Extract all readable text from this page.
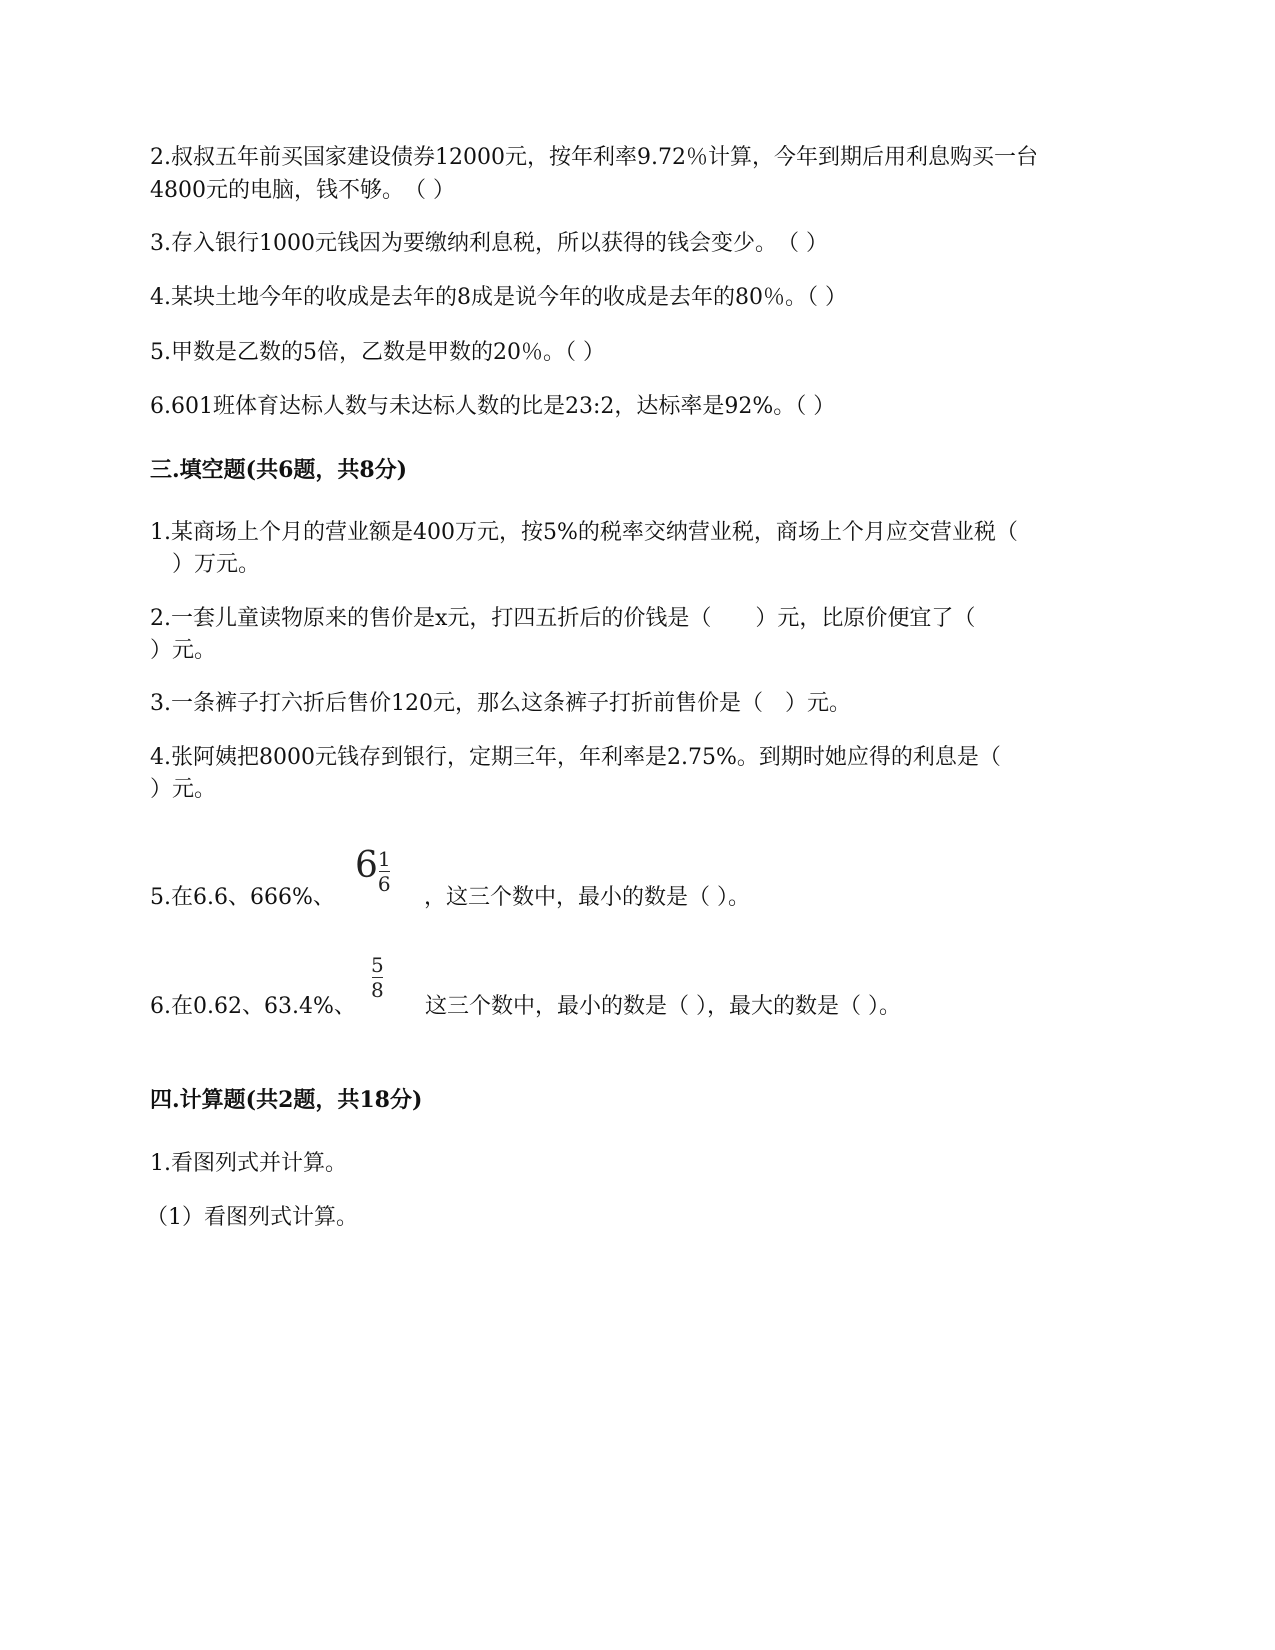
2.叔叔五年前买国家建设债券12000元，按年利率9.72％计算，今年到期后用利息购买一台
4800元的电脑，钱不够。　（ ）
3.存入银行1000元钱因为要缴纳利息税，所以获得的钱会变少。　（ ）
4.某块土地今年的收成是去年的8成是说今年的收成是去年的80％。（ ）
5.甲数是乙数的5倍，乙数是甲数的20％。（ ）
6.601班体育达标人数与未达标人数的比是23:2，达标率是92%。（ ）
三.填空题(共6题，共8分)
1.某商场上个月的营业额是400万元，按5%的税率交纳营业税，商场上个月应交营业税（
　）万元。
2.一套儿童读物原来的售价是x元，打四五折后的价钱是（　　）元，比原价便宜了（
）元。
3.一条裤子打六折后售价120元，那么这条裤子打折前售价是（　）元。
4.张阿姨把8000元钱存到银行，定期三年，年利率是2.75%。到期时她应得的利息是（
）元。
5.在6.6、666%、
$6 \frac{1}{6}$
，这三个数中，最小的数是（ ）。
6.在0.62、63.4%、
$\frac{5}{8}$
这三个数中，最小的数是（ ），最大的数是（ ）。
四.计算题(共2题，共18分)
1.看图列式并计算。
（1）看图列式计算。
